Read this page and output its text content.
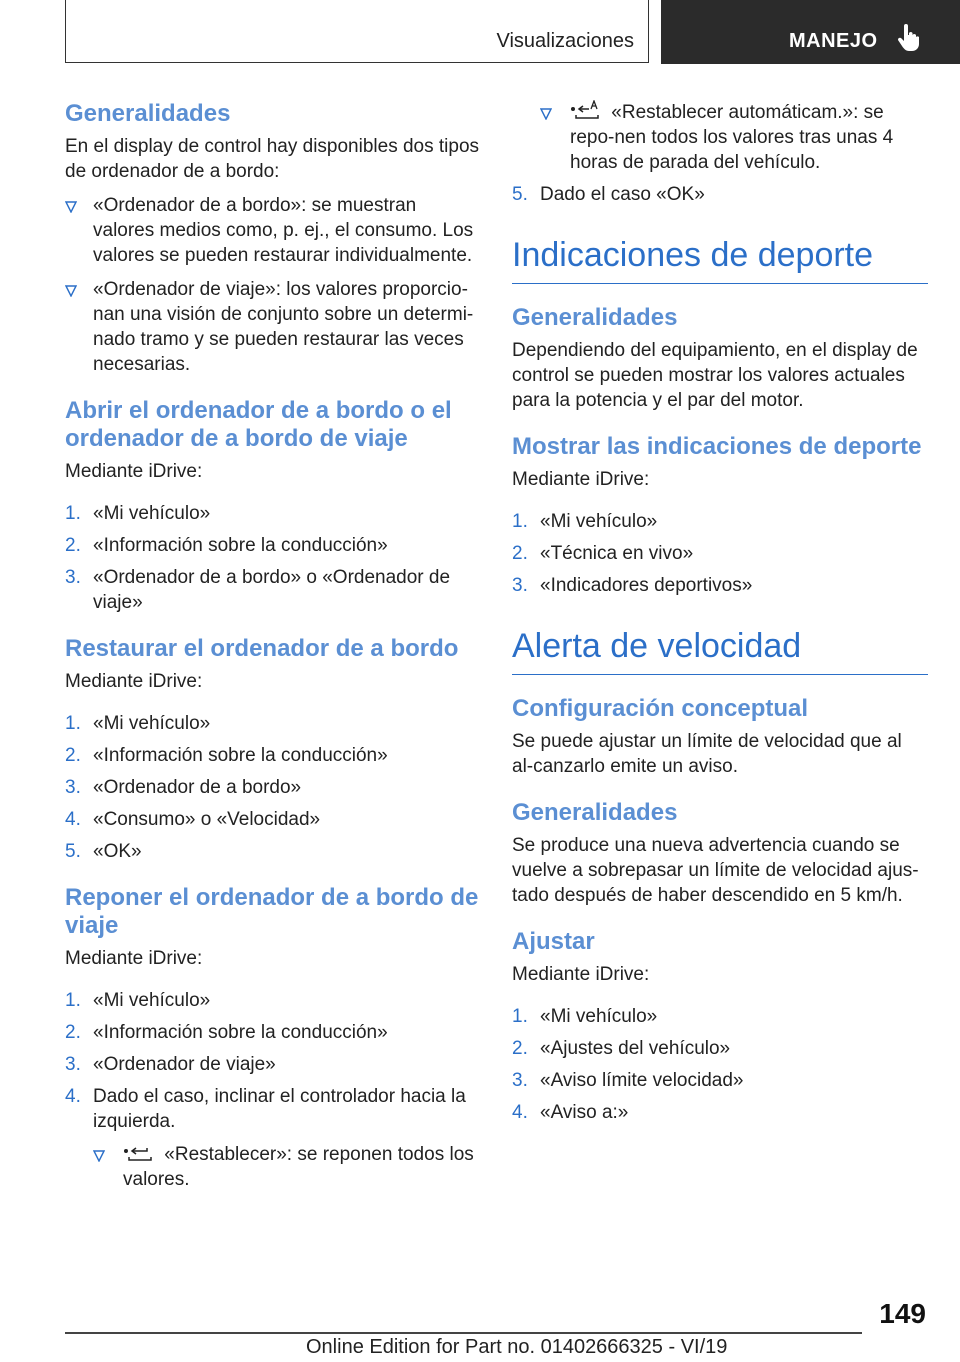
Visualizaciones	MANEJO
Generalidades

En el display de control hay disponibles dos tipos de ordenador de a bordo:

«Ordenador de a bordo»: se muestran valores medios como, p. ej., el consumo. Los valores se pueden restaurar individualmente.
«Ordenador de viaje»: los valores proporcio‐nan una visión de conjunto sobre un determi‐nado tramo y se pueden restaurar las veces necesarias.
Abrir el ordenador de a bordo o el ordenador de a bordo de viaje

Mediante iDrive:

1. «Mi vehículo»
2. «Información sobre la conducción»
3. «Ordenador de a bordo» o «Ordenador de viaje»
Restaurar el ordenador de a bordo

Mediante iDrive:

1. «Mi vehículo»
2. «Información sobre la conducción»
3. «Ordenador de a bordo»
4. «Consumo» o «Velocidad»
5. «OK»
Reponer el ordenador de a bordo de viaje

Mediante iDrive:

1. «Mi vehículo»
2. «Información sobre la conducción»
3. «Ordenador de viaje»
4. Dado el caso, inclinar el controlador hacia la izquierda.
«Restablecer»: se reponen todos los valores.
«Restablecer automáticam.»: se repo‐nen todos los valores tras unas 4 horas de parada del vehículo.
5. Dado el caso «OK»
Indicaciones de deporte
Generalidades

Dependiendo del equipamiento, en el display de control se pueden mostrar los valores actuales para la potencia y el par del motor.

Mostrar las indicaciones de deporte

Mediante iDrive:

1. «Mi vehículo»
2. «Técnica en vivo»
3. «Indicadores deportivos»
Alerta de velocidad
Configuración conceptual

Se puede ajustar un límite de velocidad que al al‐canzarlo emite un aviso.

Generalidades

Se produce una nueva advertencia cuando se vuelve a sobrepasar un límite de velocidad ajus‐tado después de haber descendido en 5 km/h.

Ajustar

Mediante iDrive:

1. «Mi vehículo»
2. «Ajustes del vehículo»
3. «Aviso límite velocidad»
4. «Aviso a:»
149
Online Edition for Part no. 01402666325 - VI/19
